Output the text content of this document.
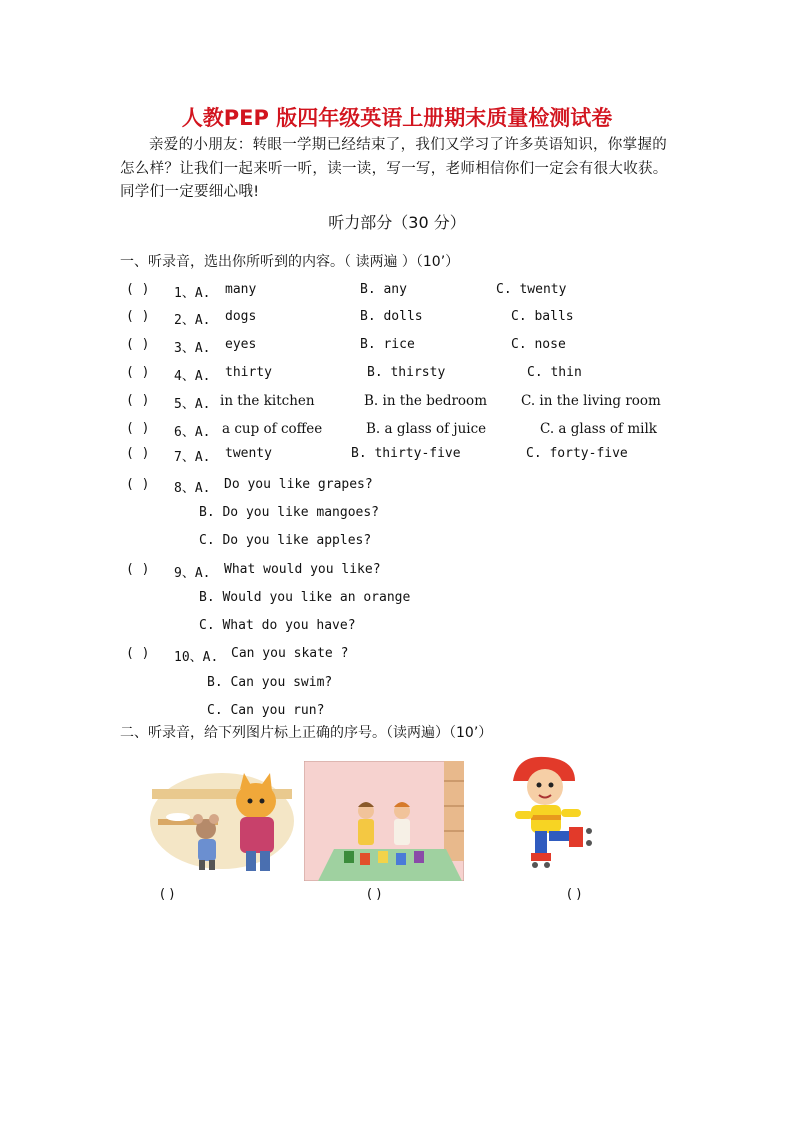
人教PEP 版四年级英语上册期末质量检测试卷
亲爱的小朋友：转眼一学期已经结束了，我们又学习了许多英语知识，你掌握的怎么样？让我们一起来听一听，读一读，写一写，老师相信你们一定会有很大收获。同学们一定要细心哦!
听力部分（30 分）
一、听录音，选出你所听到的内容。（ 读两遍 ）（10’）
( ) 1、A. many	B. any	C. twenty
( ) 2、A. dogs	B. dolls	C. balls
( ) 3、A. eyes	B. rice	C. nose
( ) 4、A. thirty	B. thirsty	C. thin
( ) 5、A. in the kitchen	B. in the bedroom	C. in the living room
( ) 6、A. a cup of coffee	B. a glass of juice	C. a glass of milk
( ) 7、A. twenty	B. thirty-five	C. forty-five
( ) 8、A. Do you like grapes?
B. Do you like mangoes?
C. Do you like apples?
( ) 9、A. What would you like?
B. Would you like an orange
C. What do you have?
( ) 10、A. Can you skate ?
B. Can you swim?
C. Can you run?
二、听录音，给下列图片标上正确的序号。（读两遍）（10’）
( )	( )	( )
